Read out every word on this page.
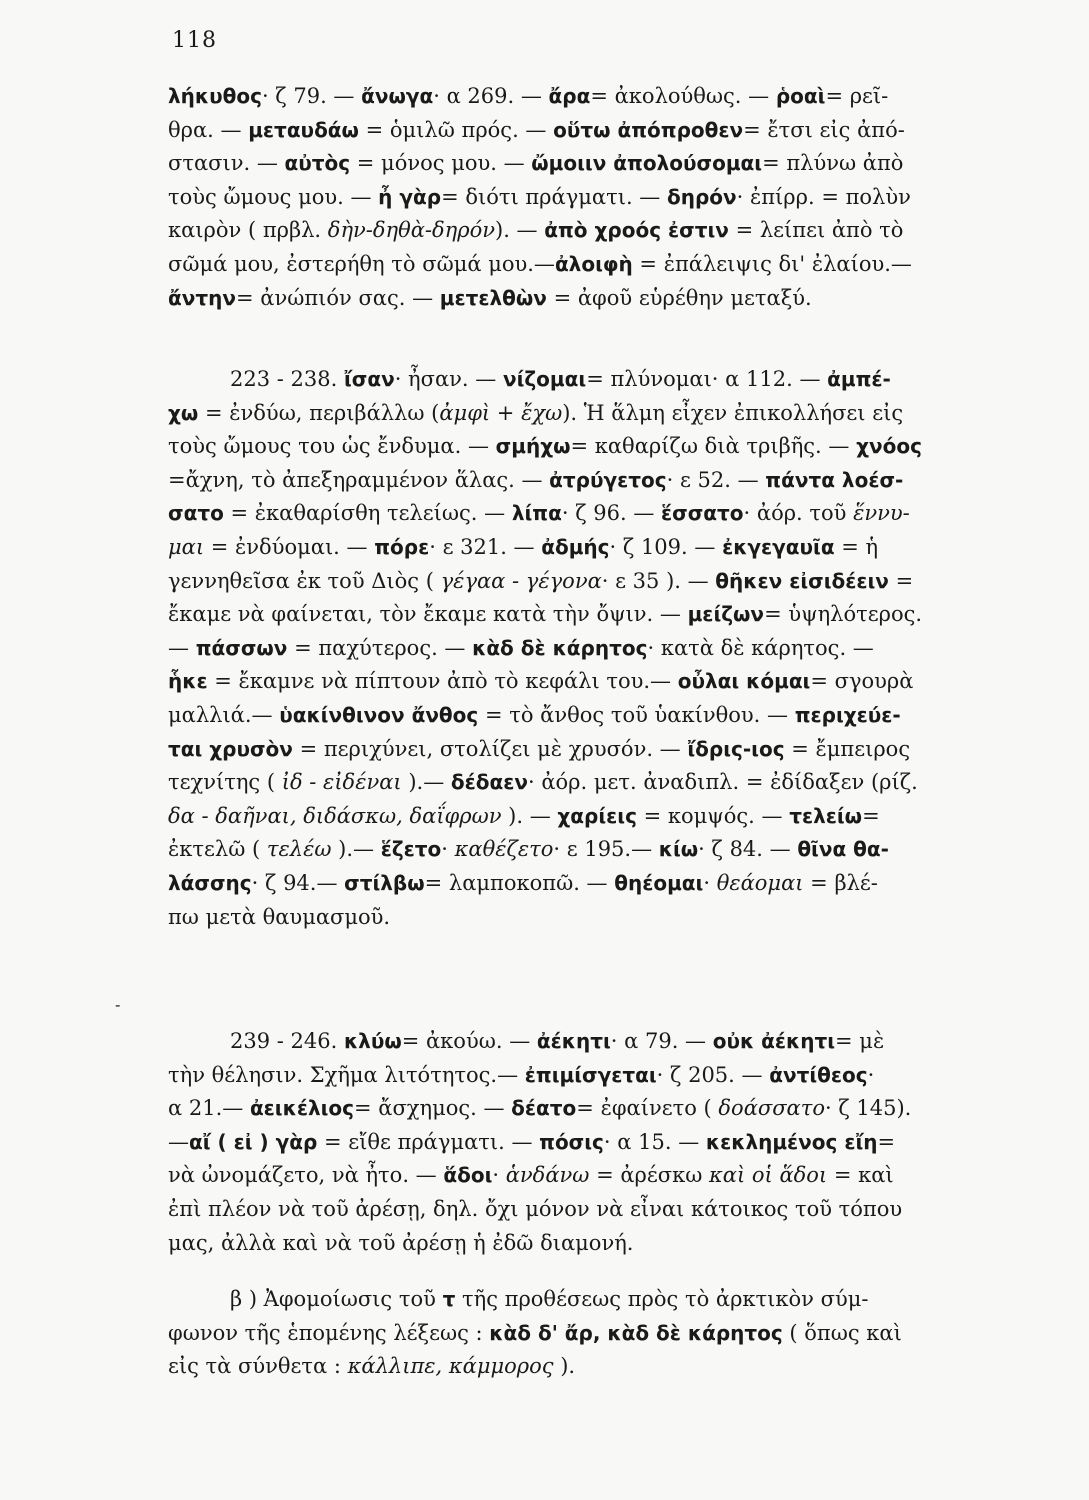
118
-
λήκυθος· ζ 79. — ἄνωγα· α 269. — ἄρα= ἀκολούθως. — ῥοαὶ= ρεῖ-
θρα. — μεταυδάω = ὁμιλῶ πρός. — οὕτω ἀπόπροθεν= ἔτσι εἰς ἀπό-
στασιν. — αὐτὸς = μόνος μου. — ὤμοιιν ἀπολούσομαι= πλύνω ἀπὸ
τοὺς ὤμους μου. — ἦ γὰρ= διότι πράγματι. — δηρόν· ἐπίρρ. = πολὺν
καιρὸν ( πρβλ. δὴν-δηθὰ-δηρόν). — ἀπὸ χροός ἐστιν = λείπει ἀπὸ τὸ
σῶμά μου, ἐστερήθη τὸ σῶμά μου.—ἀλοιφὴ = ἐπάλειψις δι' ἐλαίου.—
ἄντην= ἀνώπιόν σας. — μετελθὼν = ἀφοῦ εὑρέθην μεταξύ.
223 - 238. ἴσαν· ἦσαν. — νίζομαι= πλύνομαι· α 112. — ἀμπέ-
χω = ἐνδύω, περιβάλλω (ἀμφὶ + ἔχω). Ἡ ἅλμη εἶχεν ἐπικολλήσει εἰς
τοὺς ὤμους του ὡς ἔνδυμα. — σμήχω= καθαρίζω διὰ τριβῆς. — χνόος
=ἄχνη, τὸ ἀπεξηραμμένον ἅλας. — ἀτρύγετος· ε 52. — πάντα λοέσ-
σατο = ἐκαθαρίσθη τελείως. — λίπα· ζ 96. — ἕσσατο· ἀόρ. τοῦ ἕννυ-
μαι = ἐνδύομαι. — πόρε· ε 321. — ἀδμής· ζ 109. — ἐκγεγαυῖα = ἡ
γεννηθεῖσα ἐκ τοῦ Διὸς ( γέγαα - γέγονα· ε 35 ). — θῆκεν εἰσιδέειν =
ἔκαμε νὰ φαίνεται, τὸν ἔκαμε κατὰ τὴν ὄψιν. — μείζων= ὑψηλότερος.
— πάσσων = παχύτερος. — κὰδ δὲ κάρητος· κατὰ δὲ κάρητος. —
ἧκε = ἔκαμνε νὰ πίπτουν ἀπὸ τὸ κεφάλι του.— οὖλαι κόμαι= σγουρὰ
μαλλιά.— ὑακίνθινον ἄνθος = τὸ ἄνθος τοῦ ὑακίνθου. — περιχεύε-
ται χρυσὸν = περιχύνει, στολίζει μὲ χρυσόν. — ἴδρις-ιος = ἔμπειρος
τεχνίτης ( ἰδ - εἰδέναι ).— δέδαεν· ἀόρ. μετ. ἀναδιπλ. = ἐδίδαξεν (ρίζ.
δα - δαῆναι, διδάσκω, δαΐφρων ). — χαρίεις = κομψός. — τελείω=
ἐκτελῶ ( τελέω ).— ἕζετο· καθέζετο· ε 195.— κίω· ζ 84. — θῖνα θα-
λάσσης· ζ 94.— στίλβω= λαμποκοπῶ. — θηέομαι· θεάομαι = βλέ-
πω μετὰ θαυμασμοῦ.
239 - 246. κλύω= ἀκούω. — ἀέκητι· α 79. — οὐκ ἀέκητι= μὲ
τὴν θέλησιν. Σχῆμα λιτότητος.— ἐπιμίσγεται· ζ 205. — ἀντίθεος·
α 21.— ἀεικέλιος= ἄσχημος. — δέατο= ἐφαίνετο ( δοάσσατο· ζ 145).
—αἴ ( εἰ ) γὰρ = εἴθε πράγματι. — πόσις· α 15. — κεκλημένος εἴη=
νὰ ὠνομάζετο, νὰ ἦτο. — ἅδοι· ἁνδάνω = ἀρέσκω καὶ οἱ ἅδοι = καὶ
ἐπὶ πλέον νὰ τοῦ ἀρέσῃ, δηλ. ὄχι μόνον νὰ εἶναι κάτοικος τοῦ τόπου
μας, ἀλλὰ καὶ νὰ τοῦ ἀρέσῃ ἡ ἐδῶ διαμονή.
β ) Ἀφομοίωσις τοῦ τ τῆς προθέσεως πρὸς τὸ ἀρκτικὸν σύμ-
φωνον τῆς ἑπομένης λέξεως : κὰδ δ' ἄρ, κὰδ δὲ κάρητος ( ὅπως καὶ
εἰς τὰ σύνθετα : κάλλιπε, κάμμορος ).
